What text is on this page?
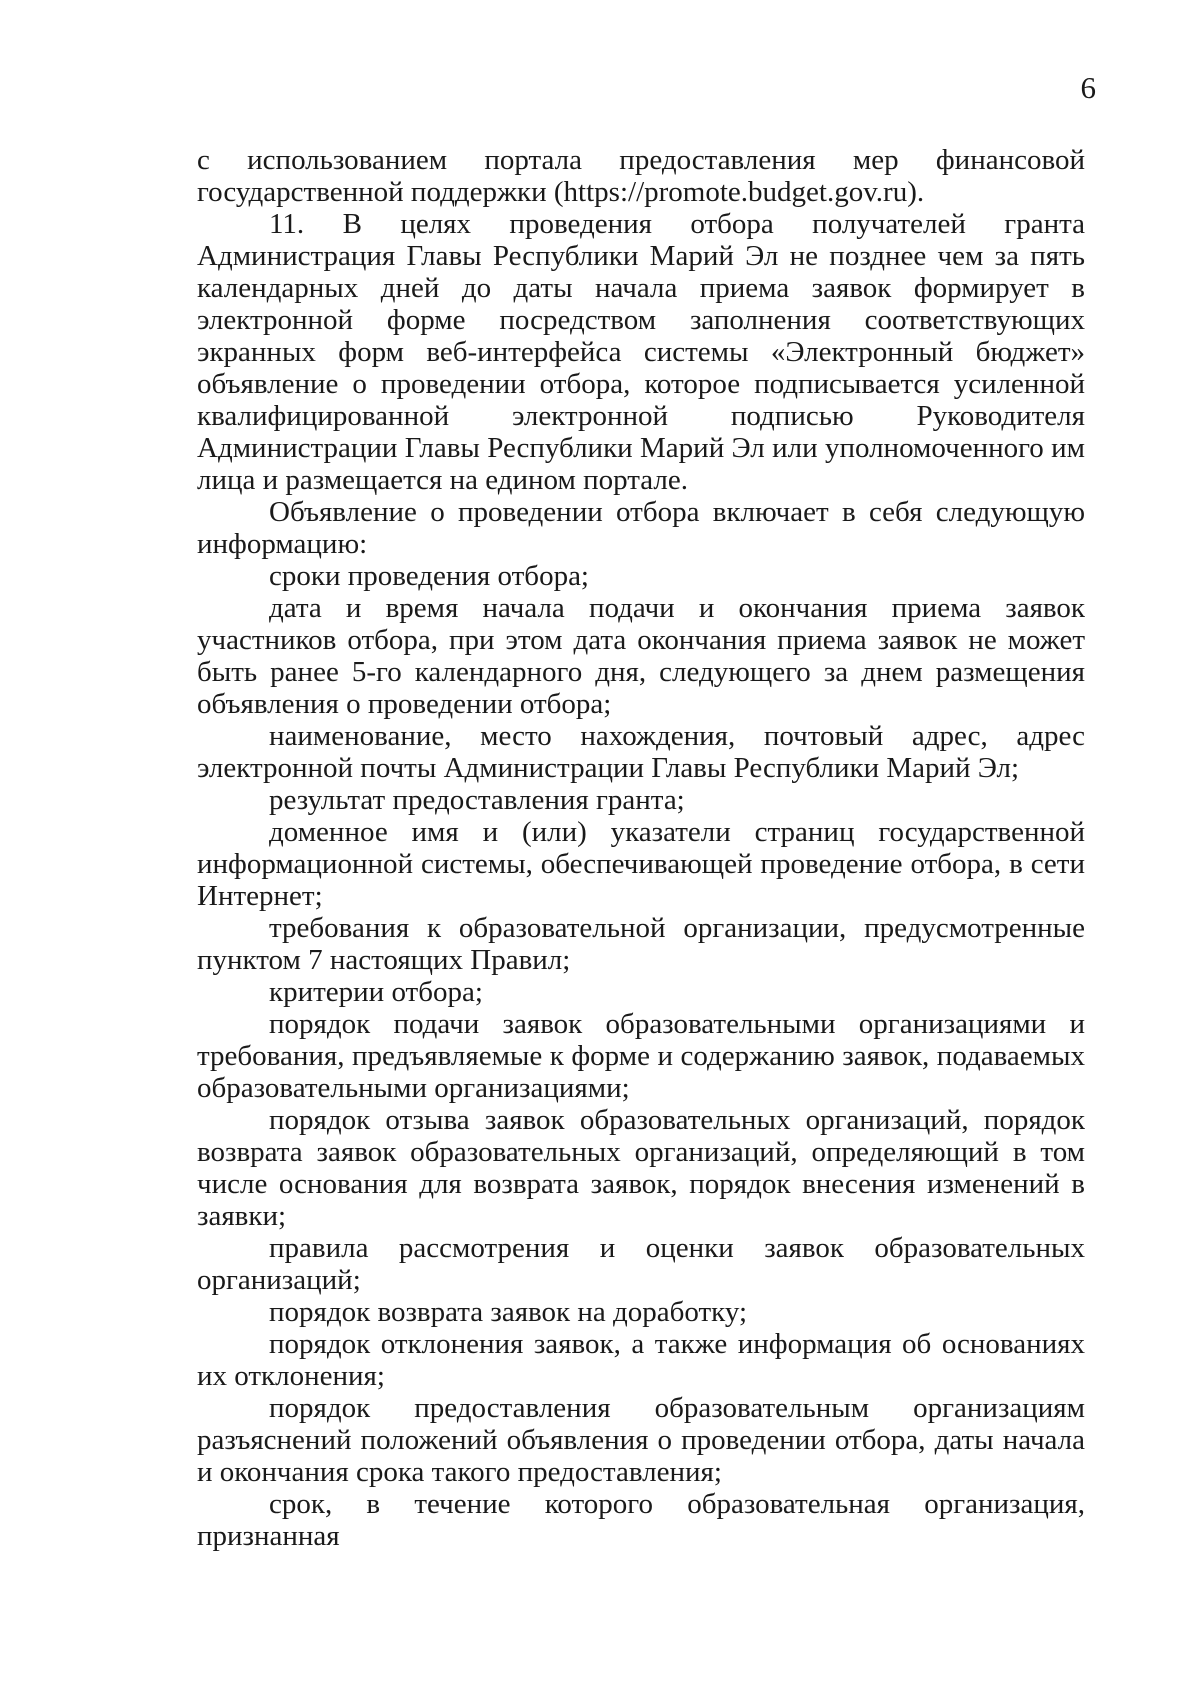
6

с использованием портала предоставления мер финансовой государственной поддержки (https://promote.budget.gov.ru).

11. В целях проведения отбора получателей гранта Администрация Главы Республики Марий Эл не позднее чем за пять календарных дней до даты начала приема заявок формирует в электронной форме посредством заполнения соответствующих экранных форм веб-интерфейса системы «Электронный бюджет» объявление о проведении отбора, которое подписывается усиленной квалифицированной электронной подписью Руководителя Администрации Главы Республики Марий Эл или уполномоченного им лица и размещается на едином портале.

Объявление о проведении отбора включает в себя следующую информацию:

сроки проведения отбора;

дата и время начала подачи и окончания приема заявок участников отбора, при этом дата окончания приема заявок не может быть ранее 5-го календарного дня, следующего за днем размещения объявления о проведении отбора;

наименование, место нахождения, почтовый адрес, адрес электронной почты Администрации Главы Республики Марий Эл;

результат предоставления гранта;

доменное имя и (или) указатели страниц государственной информационной системы, обеспечивающей проведение отбора, в сети Интернет;

требования к образовательной организации, предусмотренные пунктом 7 настоящих Правил;

критерии отбора;

порядок подачи заявок образовательными организациями и требования, предъявляемые к форме и содержанию заявок, подаваемых образовательными организациями;

порядок отзыва заявок образовательных организаций, порядок возврата заявок образовательных организаций, определяющий в том числе основания для возврата заявок, порядок внесения изменений в заявки;

правила рассмотрения и оценки заявок образовательных организаций;

порядок возврата заявок на доработку;

порядок отклонения заявок, а также информация об основаниях их отклонения;

порядок предоставления образовательным организациям разъяснений положений объявления о проведении отбора, даты начала и окончания срока такого предоставления;

срок, в течение которого образовательная организация, признанная
